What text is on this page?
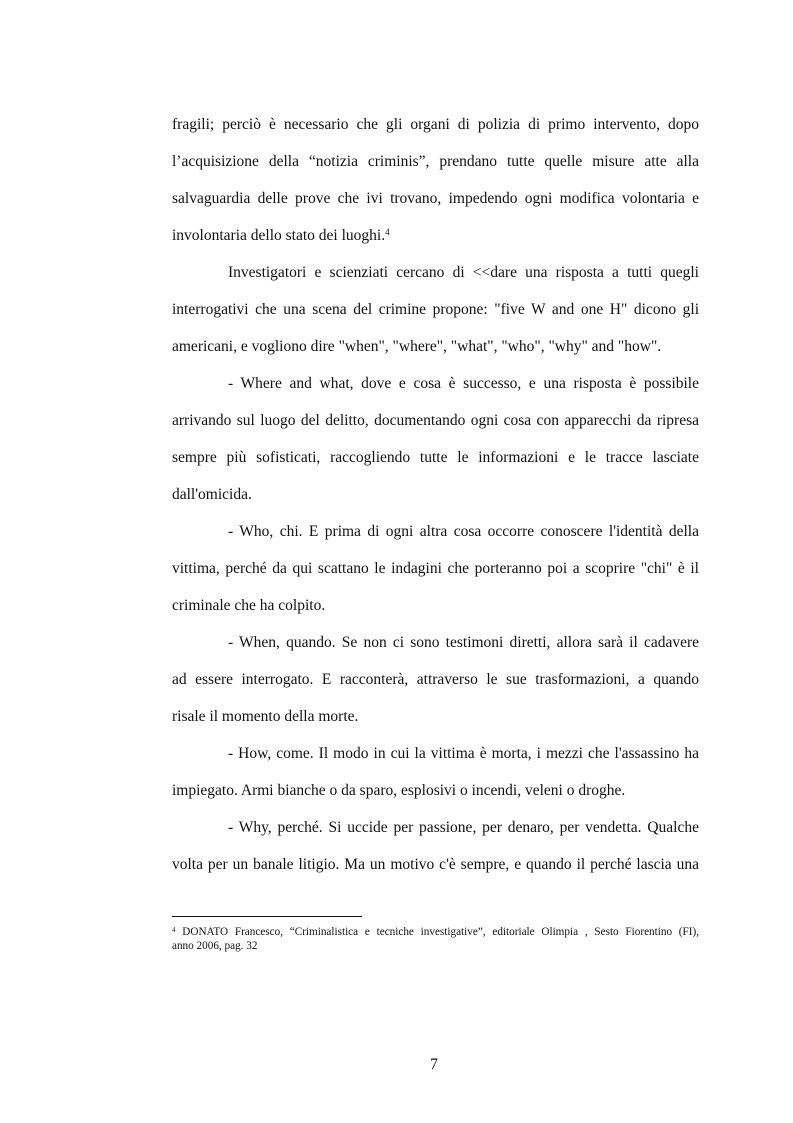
fragili; perciò è necessario che gli organi di polizia di primo intervento, dopo

l’acquisizione della “notizia criminis”, prendano tutte quelle misure atte alla

salvaguardia delle prove che ivi trovano, impedendo ogni modifica volontaria e

involontaria dello stato dei luoghi.$^4$

Investigatori e scienziati cercano di <<dare una risposta a tutti quegli

interrogativi che una scena del crimine propone: "five W and one H" dicono gli

americani, e vogliono dire "when", "where", "what", "who", "why" and "how".

- Where and what, dove e cosa è successo, e una risposta è possibile

arrivando sul luogo del delitto, documentando ogni cosa con apparecchi da ripresa

sempre più sofisticati, raccogliendo tutte le informazioni e le tracce lasciate

dall'omicida.

- Who, chi. E prima di ogni altra cosa occorre conoscere l'identità della

vittima, perché da qui scattano le indagini che porteranno poi a scoprire "chi" è il

criminale che ha colpito.

- When, quando. Se non ci sono testimoni diretti, allora sarà il cadavere

ad essere interrogato. E racconterà, attraverso le sue trasformazioni, a quando

risale il momento della morte.

- How, come. Il modo in cui la vittima è morta, i mezzi che l'assassino ha

impiegato. Armi bianche o da sparo, esplosivi o incendi, veleni o droghe.

- Why, perché. Si uccide per passione, per denaro, per vendetta. Qualche

volta per un banale litigio. Ma un motivo c'è sempre, e quando il perché lascia una

$^4$ DONATO Francesco, “Criminalistica e tecniche investigative”, editoriale Olimpia , Sesto Fiorentino (FI),

anno 2006, pag. 32

7
